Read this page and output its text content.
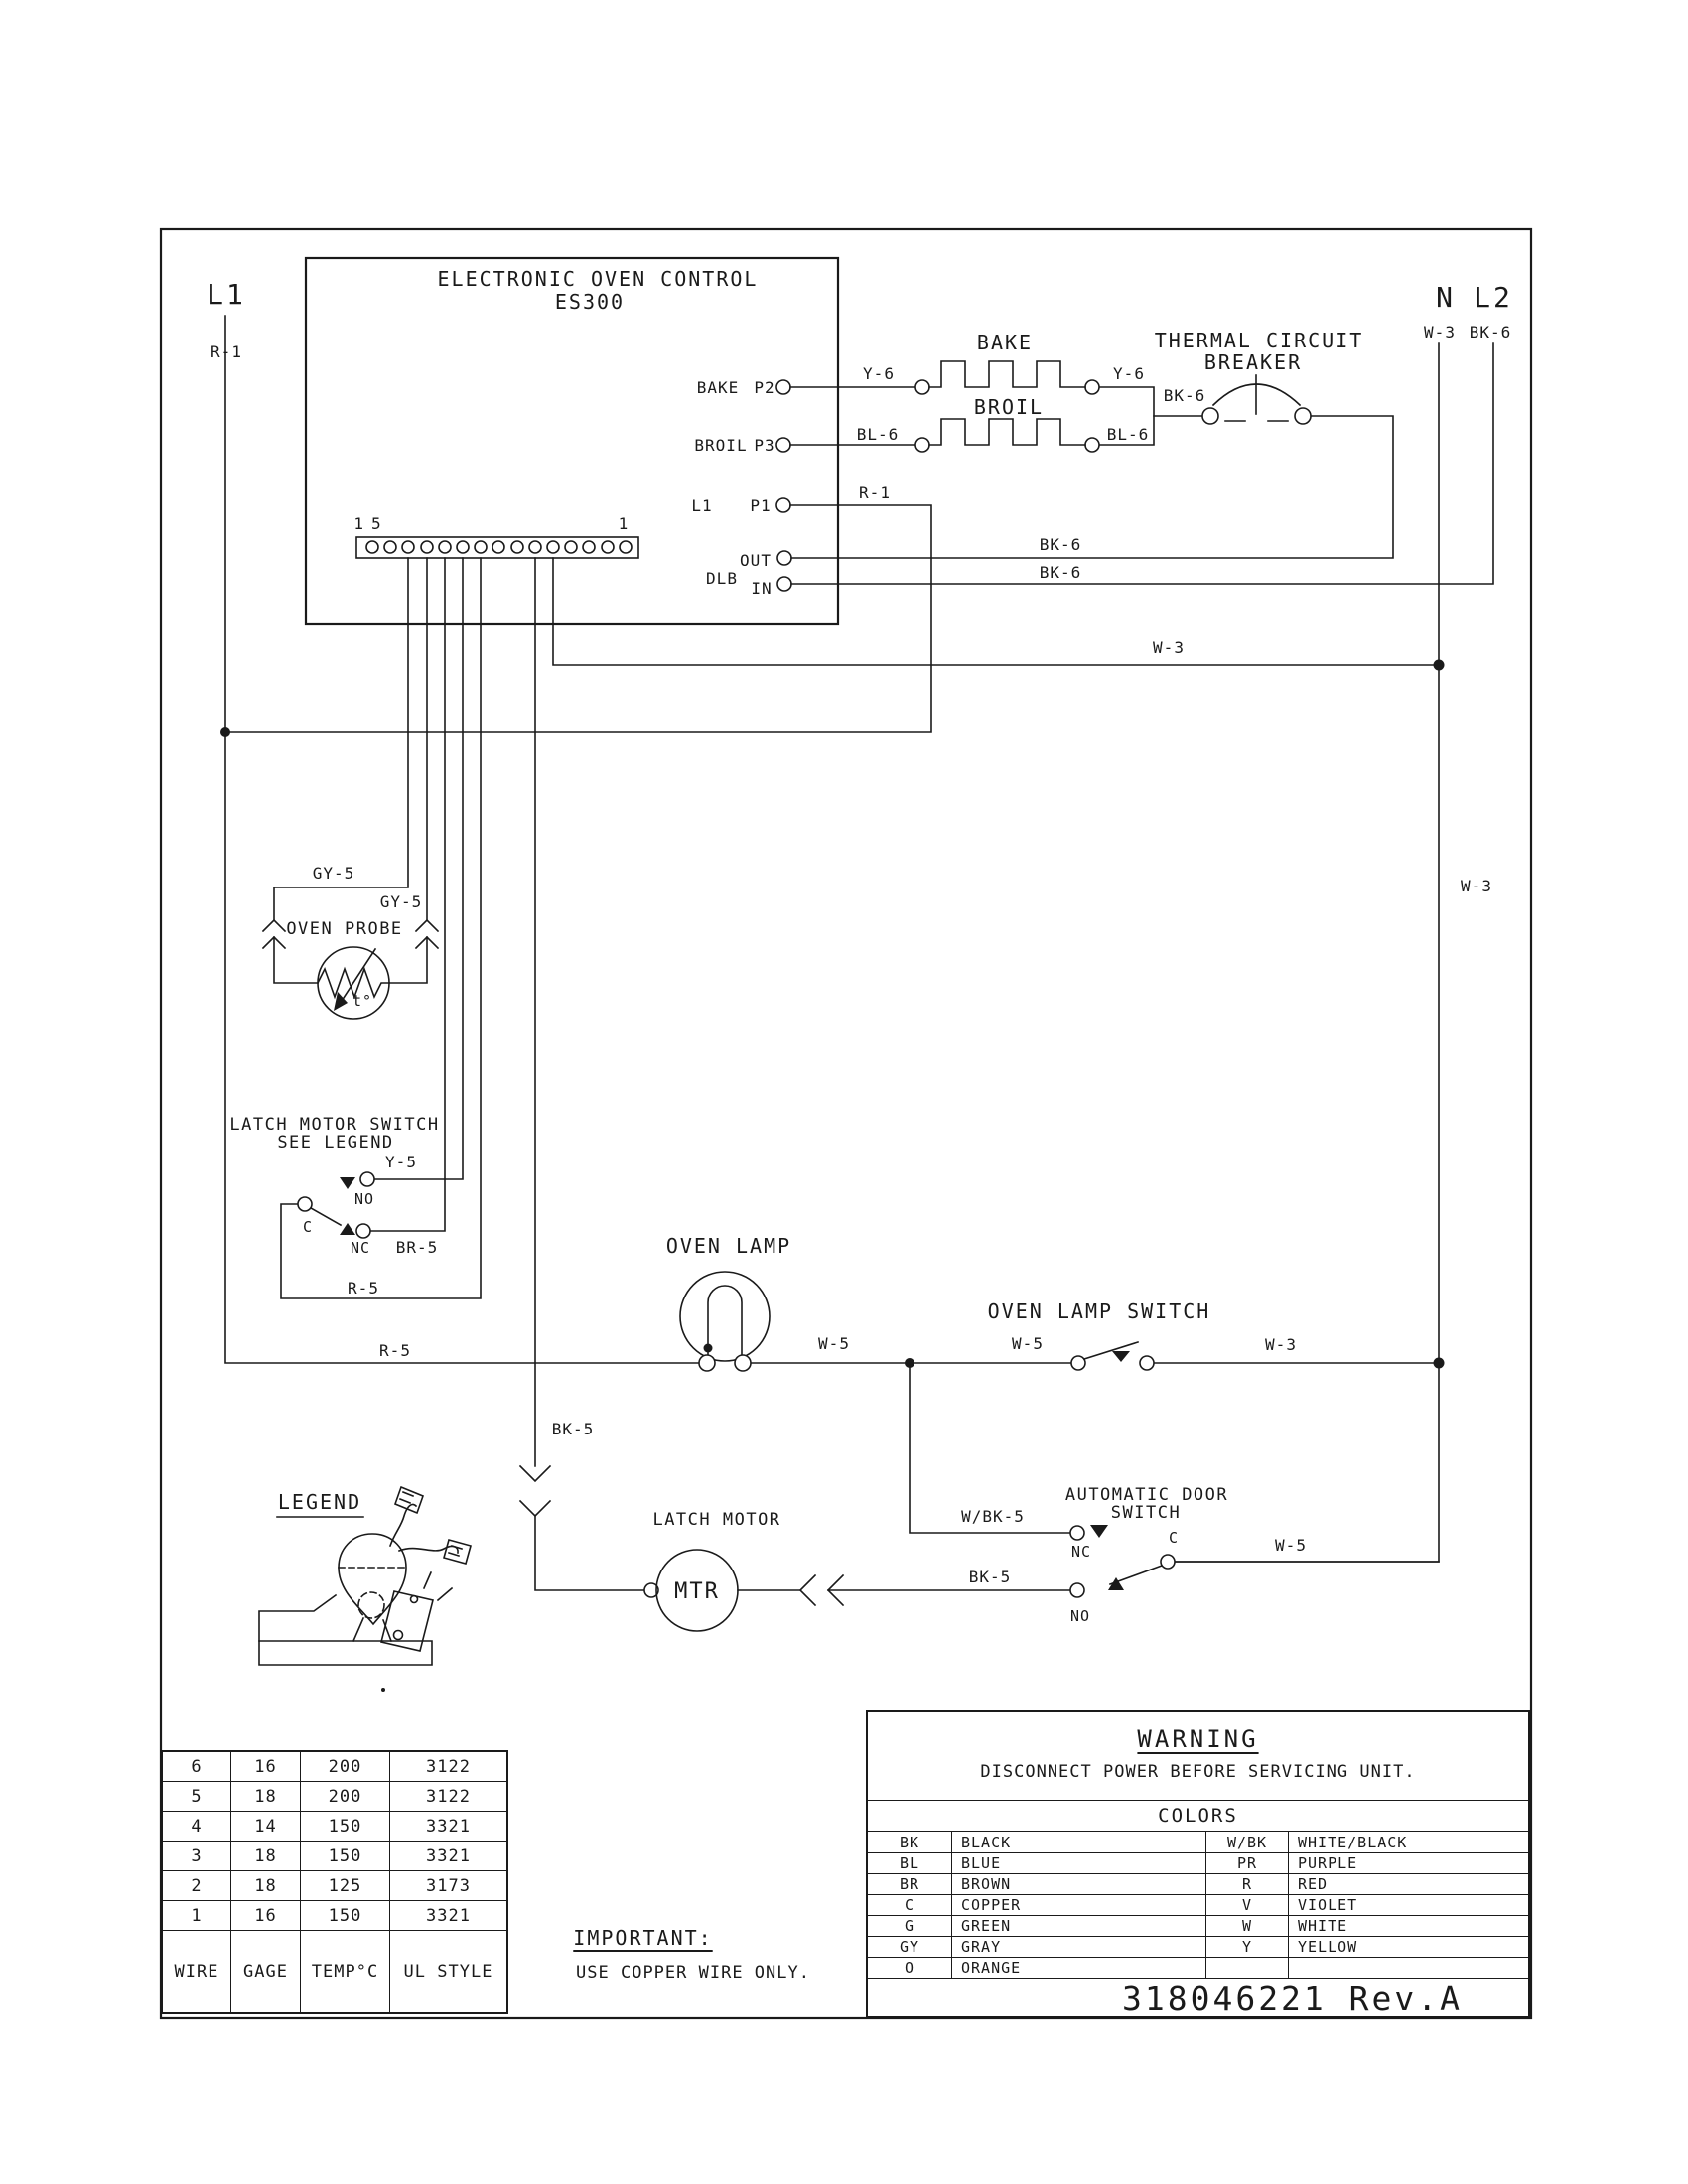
ELECTRONIC OVEN CONTROL
ES300
15	1
BAKE P2
BROIL P3
L1 P1
OUT
DLB
IN
L1
R-1
N L2
W-3 BK-6
BAKE
Y-6	Y-6
BROIL
BL-6	BL-6
THERMAL CIRCUIT
BREAKER
BK-6
R-1
BK-6
BK-6
W-3
W-3
GY-5
GY-5
OVEN PROBE
t°
LATCH MOTOR SWITCH
SEE LEGEND
Y-5
NO
C
NC BR-5
R-5
OVEN LAMP
R-5	W-5
OVEN LAMP SWITCH
W-5	W-3
BK-5
LATCH MOTOR
MTR
AUTOMATIC DOOR
SWITCH
W/BK-5
NC
C
NO
BK-5
W-5
LEGEND
6	16	200	3122
5	18	200	3122
4	14	150	3321
3	18	150	3321
2	18	125	3173
1	16	150	3321
WIRE	GAGE	TEMP°C	UL STYLE
IMPORTANT:
USE COPPER WIRE ONLY.
WARNING
DISCONNECT POWER BEFORE SERVICING UNIT.
COLORS
BK	BLACK	W/BK	WHITE/BLACK
BL	BLUE	PR	PURPLE
BR	BROWN	R	RED
C	COPPER	V	VIOLET
G	GREEN	W	WHITE
GY	GRAY	Y	YELLOW
O	ORANGE
318046221 Rev.A
